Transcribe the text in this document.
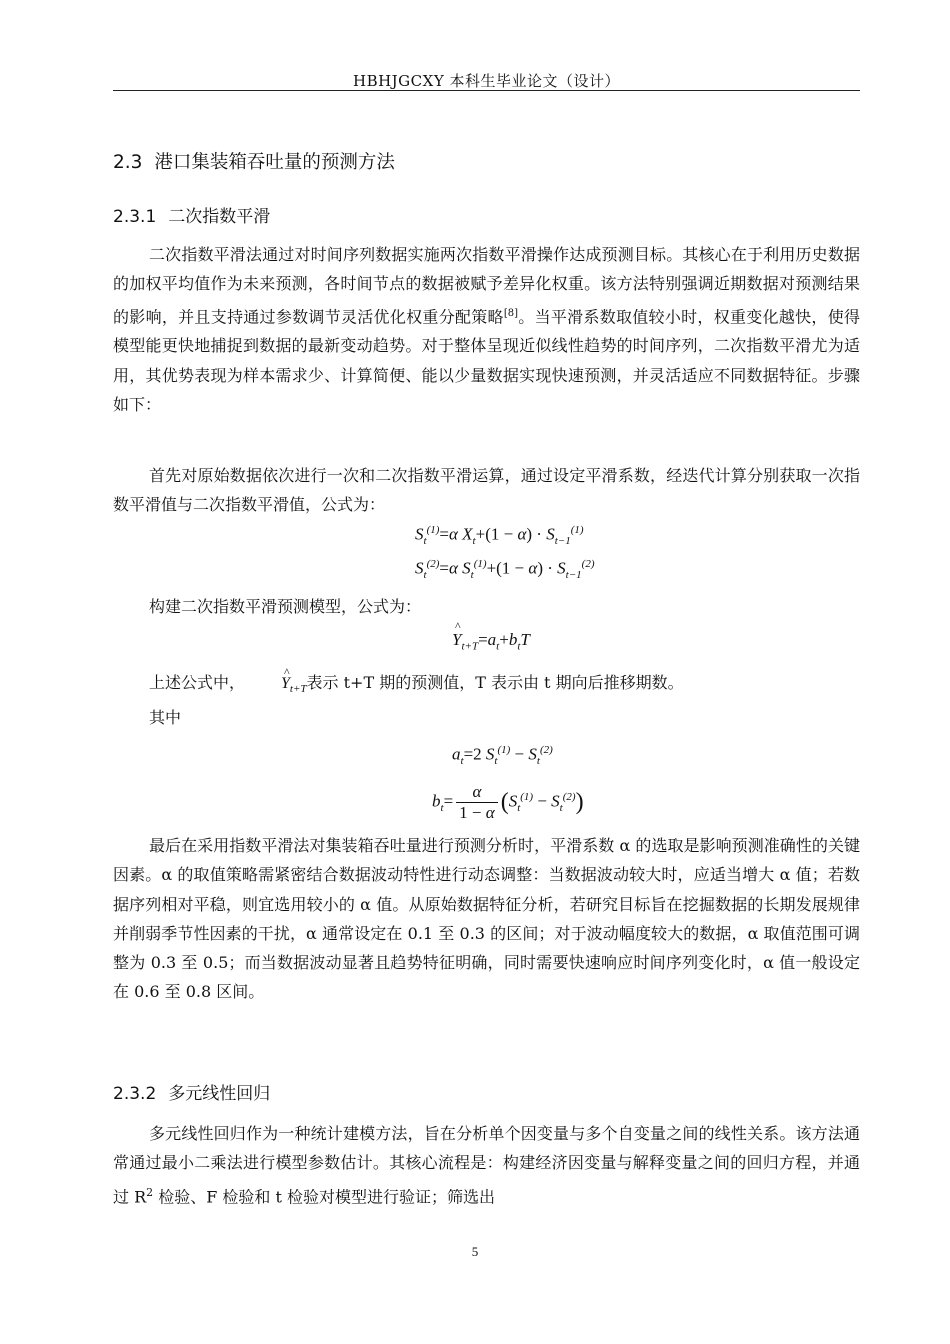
HBHJGCXY 本科生毕业论文（设计）
2.3 港口集装箱吞吐量的预测方法
2.3.1 二次指数平滑

二次指数平滑法通过对时间序列数据实施两次指数平滑操作达成预测目标。其核心在于利用历史数据的加权平均值作为未来预测，各时间节点的数据被赋予差异化权重。该方法特别强调近期数据对预测结果的影响，并且支持通过参数调节灵活优化权重分配策略[8]。当平滑系数取值较小时，权重变化越快，使得模型能更快地捕捉到数据的最新变动趋势。对于整体呈现近似线性趋势的时间序列，二次指数平滑尤为适用，其优势表现为样本需求少、计算简便、能以少量数据实现快速预测，并灵活适应不同数据特征。步骤如下：

首先对原始数据依次进行一次和二次指数平滑运算，通过设定平滑系数，经迭代计算分别获取一次指数平滑值与二次指数平滑值，公式为：

$S_t^{(1)}=\alpha$ $X_t+(1 - \alpha) \cdot S_{t-1}^{(1)}$
$S_t^{(2)}=\alpha$ $S_t^{(1)}+(1 - \alpha) \cdot S_{t-1}^{(2)}$

构建二次指数平滑预测模型，公式为：

^ $Y_{t+T}=a_t+b_tT$

上述公式中，^ $Y_{t+T}$表示 t+T 期的预测值，T 表示由 t 期向后推移期数。

其中

$a_t=2$ $S_t^{(1)} - S_t^{(2)}$
$b_t= \frac{\alpha}{1 - \alpha} (S_t^{(1)} - S_t^{(2)})$

最后在采用指数平滑法对集装箱吞吐量进行预测分析时，平滑系数 α 的选取是影响预测准确性的关键因素。α 的取值策略需紧密结合数据波动特性进行动态调整：当数据波动较大时，应适当增大 α 值；若数据序列相对平稳，则宜选用较小的 α 值。从原始数据特征分析，若研究目标旨在挖掘数据的长期发展规律并削弱季节性因素的干扰，α 通常设定在 0.1 至 0.3 的区间；对于波动幅度较大的数据，α 取值范围可调整为 0.3 至 0.5；而当数据波动显著且趋势特征明确，同时需要快速响应时间序列变化时，α 值一般设定在 0.6 至 0.8 区间。

2.3.2 多元线性回归

多元线性回归作为一种统计建模方法，旨在分析单个因变量与多个自变量之间的线性关系。该方法通常通过最小二乘法进行模型参数估计。其核心流程是：构建经济因变量与解释变量之间的回归方程，并通过 $R^2$ 检验、F 检验和 t 检验对模型进行验证；筛选出

5
